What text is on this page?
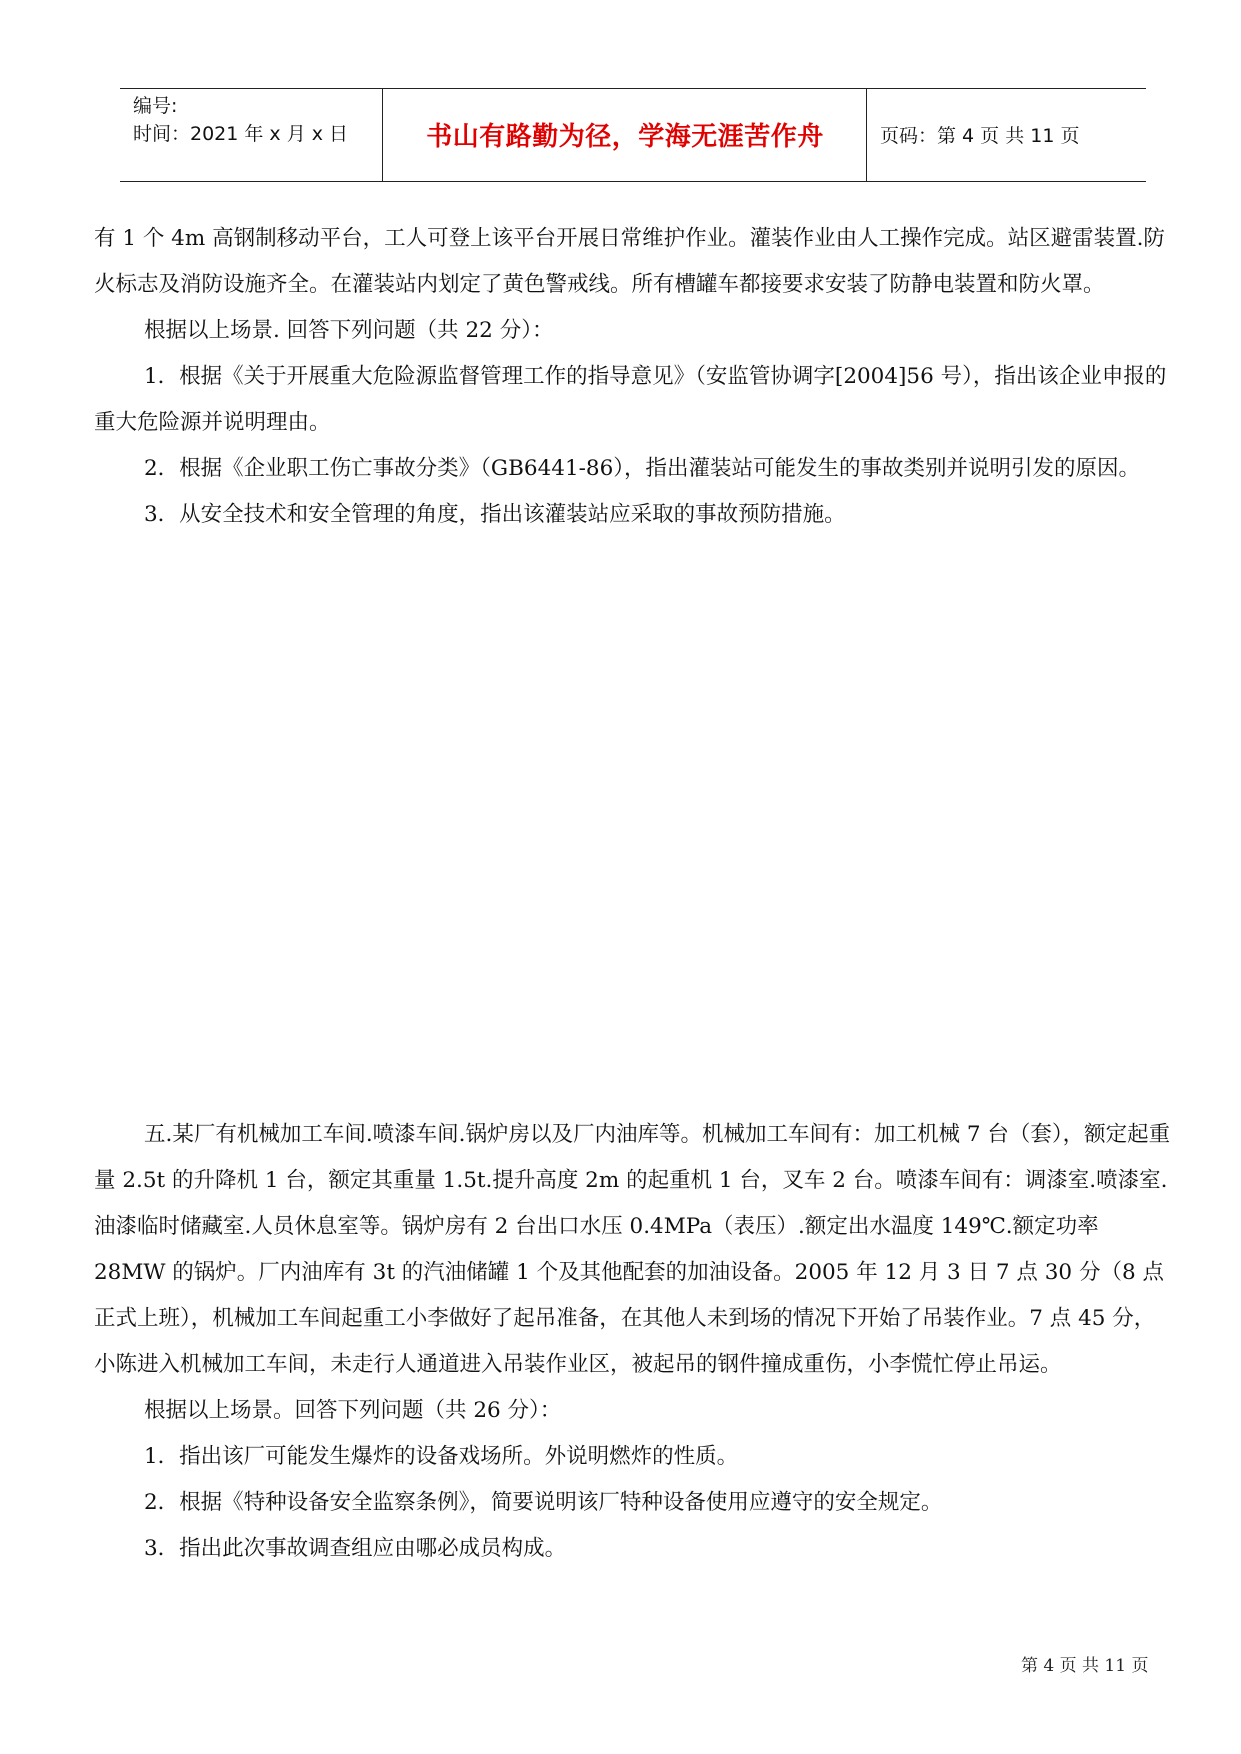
编号:
时间：2021 年 x 月 x 日	书山有路勤为径，学海无涯苦作舟	页码：第 4 页 共 11 页

有 1 个 4m 高钢制移动平台，工人可登上该平台开展日常维护作业。灌装作业由人工操作完成。站区避雷装置.防火标志及消防设施齐全。在灌装站内划定了黄色警戒线。所有槽罐车都接要求安装了防静电装置和防火罩。

根据以上场景. 回答下列问题（共 22 分）：

1．根据《关于开展重大危险源监督管理工作的指导意见》（安监管协调字[2004]56 号），指出该企业申报的重大危险源并说明理由。

2．根据《企业职工伤亡事故分类》（GB6441-86），指出灌装站可能发生的事故类别并说明引发的原因。

3．从安全技术和安全管理的角度，指出该灌装站应采取的事故预防措施。

五.某厂有机械加工车间.喷漆车间.锅炉房以及厂内油库等。机械加工车间有：加工机械 7 台（套），额定起重量 2.5t 的升降机 1 台，额定其重量 1.5t.提升高度 2m 的起重机 1 台，叉车 2 台。喷漆车间有：调漆室.喷漆室.油漆临时储藏室.人员休息室等。锅炉房有 2 台出口水压 0.4MPa（表压）.额定出水温度 149℃.额定功率 28MW 的锅炉。厂内油库有 3t 的汽油储罐 1 个及其他配套的加油设备。2005 年 12 月 3 日 7 点 30 分（8 点正式上班），机械加工车间起重工小李做好了起吊准备，在其他人未到场的情况下开始了吊装作业。7 点 45 分，小陈进入机械加工车间，未走行人通道进入吊装作业区，被起吊的钢件撞成重伤，小李慌忙停止吊运。

根据以上场景。回答下列问题（共 26 分）：

1．指出该厂可能发生爆炸的设备戏场所。外说明燃炸的性质。

2．根据《特种设备安全监察条例》，简要说明该厂特种设备使用应遵守的安全规定。

3．指出此次事故调查组应由哪必成员构成。

第 4 页 共 11 页
